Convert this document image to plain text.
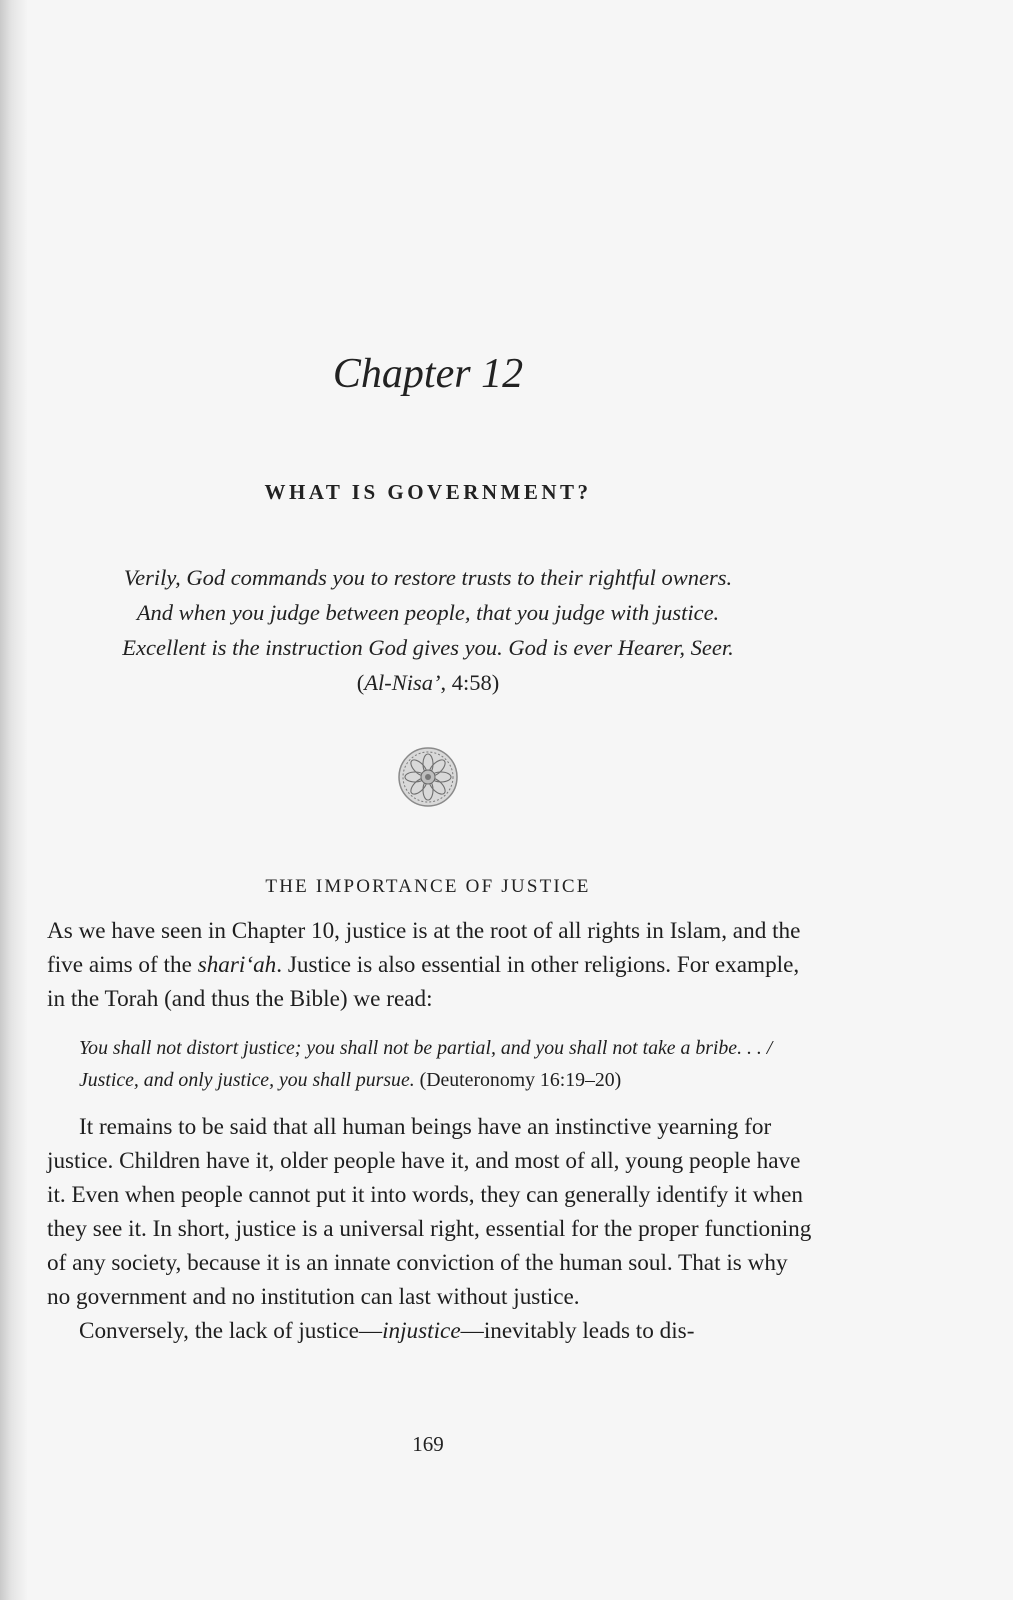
Chapter 12
WHAT IS GOVERNMENT?
Verily, God commands you to restore trusts to their rightful owners. And when you judge between people, that you judge with justice. Excellent is the instruction God gives you. God is ever Hearer, Seer. (Al-Nisa’, 4:58)
THE IMPORTANCE OF JUSTICE

As we have seen in Chapter 10, justice is at the root of all rights in Islam, and the five aims of the shari‘ah. Justice is also essential in other religions. For example, in the Torah (and thus the Bible) we read:

You shall not distort justice; you shall not be partial, and you shall not take a bribe. . . / Justice, and only justice, you shall pursue. (Deuteronomy 16:19–20)

It remains to be said that all human beings have an instinctive yearning for justice. Children have it, older people have it, and most of all, young people have it. Even when people cannot put it into words, they can generally identify it when they see it. In short, justice is a universal right, essential for the proper functioning of any society, because it is an innate conviction of the human soul. That is why no government and no institution can last without justice.

Conversely, the lack of justice—injustice—inevitably leads to dis-

169
